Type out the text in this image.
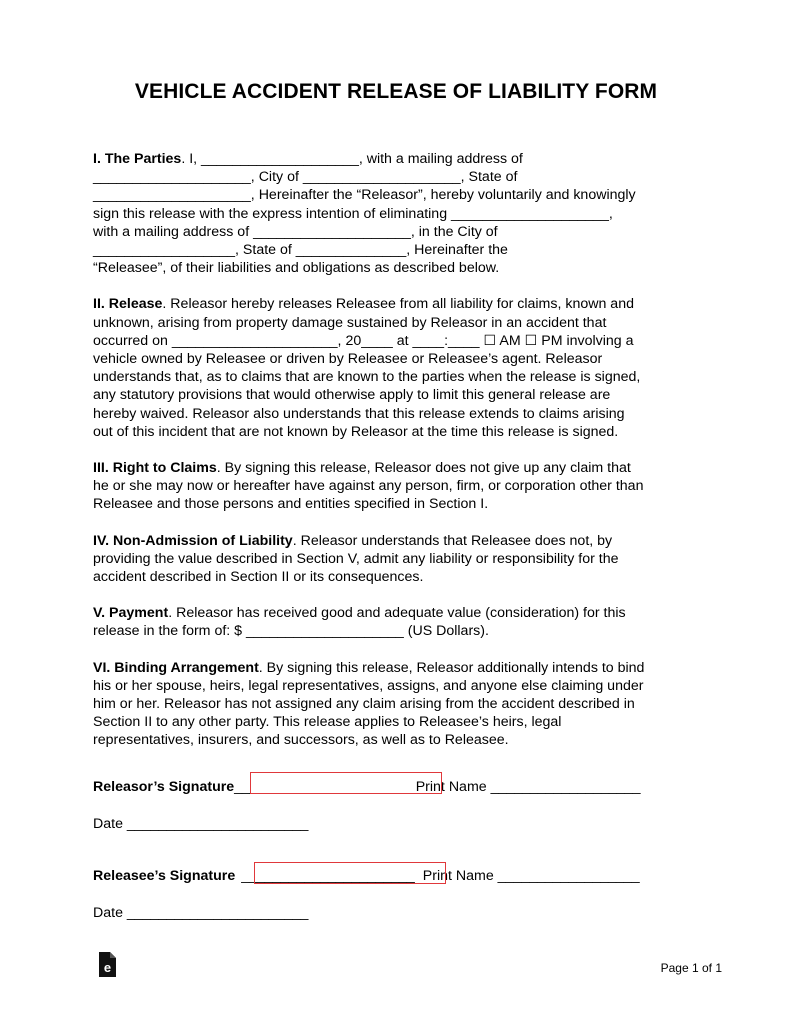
VEHICLE ACCIDENT RELEASE OF LIABILITY FORM
I. The Parties. I, ____________________, with a mailing address of
____________________, City of ____________________, State of
____________________, Hereinafter the “Releasor”, hereby voluntarily and knowingly
sign this release with the express intention of eliminating ____________________,
with a mailing address of ____________________, in the City of
__________________, State of ______________, Hereinafter the
“Releasee”, of their liabilities and obligations as described below.
II. Release. Releasor hereby releases Releasee from all liability for claims, known and
unknown, arising from property damage sustained by Releasor in an accident that
occurred on _____________________, 20____ at ____:____ ☐ AM ☐ PM involving a
vehicle owned by Releasee or driven by Releasee or Releasee’s agent. Releasor
understands that, as to claims that are known to the parties when the release is signed,
any statutory provisions that would otherwise apply to limit this general release are
hereby waived. Releasor also understands that this release extends to claims arising
out of this incident that are not known by Releasor at the time this release is signed.
III. Right to Claims. By signing this release, Releasor does not give up any claim that
he or she may now or hereafter have against any person, firm, or corporation other than
Releasee and those persons and entities specified in Section I.
IV. Non-Admission of Liability. Releasor understands that Releasee does not, by
providing the value described in Section V, admit any liability or responsibility for the
accident described in Section II or its consequences.
V. Payment. Releasor has received good and adequate value (consideration) for this
release in the form of: $ ____________________ (US Dollars).
VI. Binding Arrangement. By signing this release, Releasor additionally intends to bind
his or her spouse, heirs, legal representatives, assigns, and anyone else claiming under
him or her. Releasor has not assigned any claim arising from the accident described in
Section II to any other party. This release applies to Releasee’s heirs, legal
representatives, insurers, and successors, as well as to Releasee.
Releasor’s Signature______________________ Print Name ___________________
Date _______________________
Releasee’s Signature ______________________ Print Name __________________
Date _______________________
e	Page 1 of 1
